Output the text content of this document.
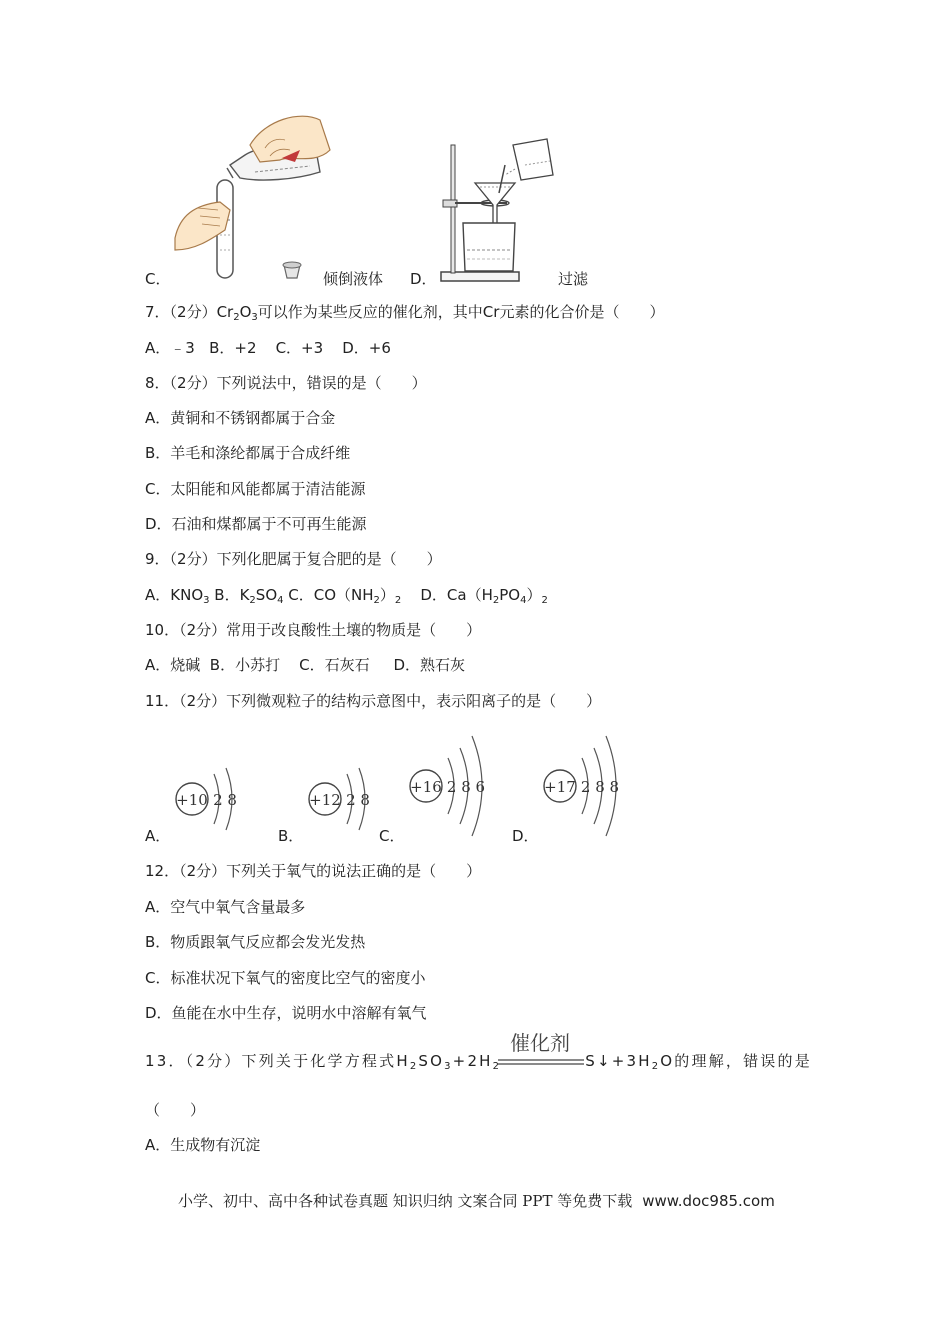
C．	倾倒液体 D．	过滤
7．（2分）$Cr_2O_3$可以作为某些反应的催化剂，其中Cr元素的化合价是（　　）
A．﹣3   B．+2    C．+3    D．+6
8．（2分）下列说法中，错误的是（　　）
A．黄铜和不锈钢都属于合金
B．羊毛和涤纶都属于合成纤维
C．太阳能和风能都属于清洁能源
D．石油和煤都属于不可再生能源
9．（2分）下列化肥属于复合肥的是（　　）
A．$KNO_3$ B．$K_2SO_4$ C．$CO(NH_2)_2$    D．$Ca(H_2PO_4)_2$
10．（2分）常用于改良酸性土壤的物质是（　　）
A．烧碱  B．小苏打    C．石灰石     D．熟石灰
11．（2分）下列微观粒子的结构示意图中，表示阳离子的是（　　）
+10 2 8
A．
+12 2 8
B．
+16 2 8 6
C．
+17 2 8 8
D．
12．（2分）下列关于氧气的说法正确的是（　　）
A．空气中氧气含量最多
B．物质跟氧气反应都会发光发热
C．标准状况下氧气的密度比空气的密度小
D．鱼能在水中生存，说明水中溶解有氧气
13．（2分）下列关于化学方程式$H_2SO_3+2H_2$	$S↓+3H_2O$的理解，错误的是
催化剂
（　　）
A．生成物有沉淀
小学、初中、高中各种试卷真题 知识归纳 文案合同 PPT 等免费下载 www.doc985.com
